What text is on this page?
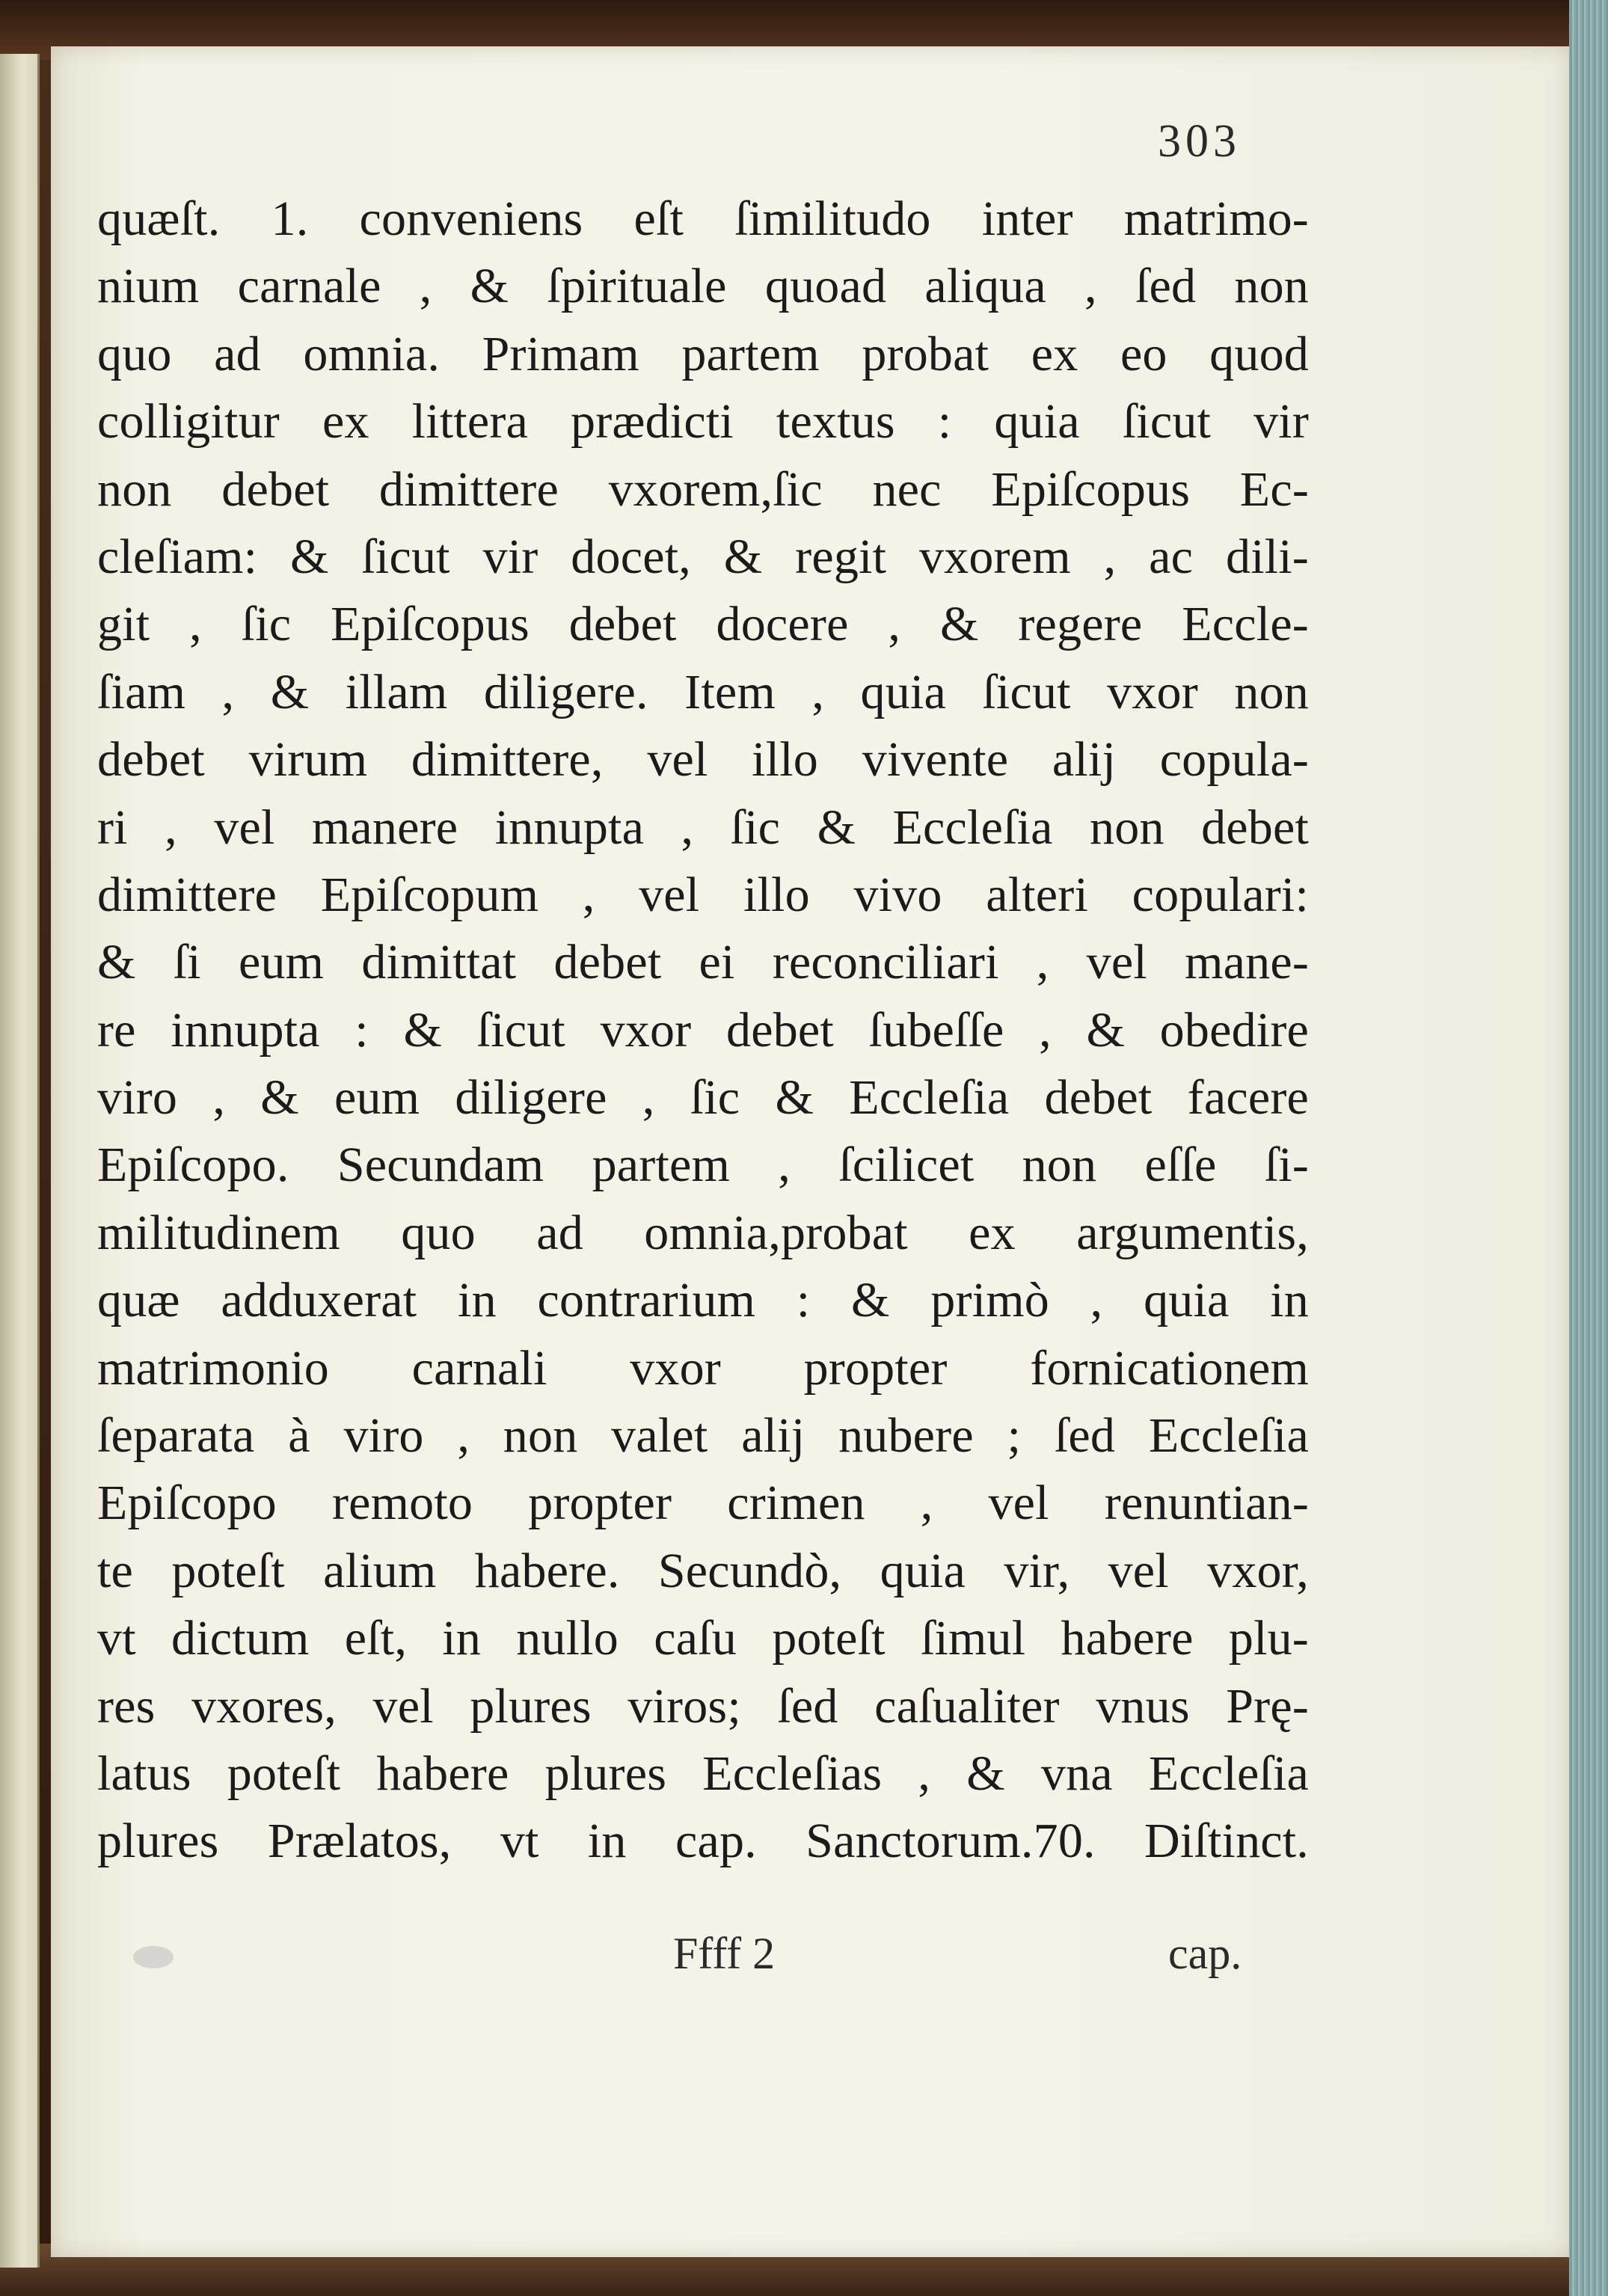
303
quæſt. 1. conveniens eſt ſimilitudo inter matrimo-
nium carnale , & ſpirituale quoad aliqua , ſed non
quo ad omnia. Primam partem probat ex eo quod
colligitur ex littera prædicti textus : quia ſicut vir
non debet dimittere vxorem,ſic nec Epiſcopus Ec-
cleſiam: & ſicut vir docet, & regit vxorem , ac dili-
git , ſic Epiſcopus debet docere , & regere Eccle-
ſiam , & illam diligere. Item , quia ſicut vxor non
debet virum dimittere, vel illo vivente alij copula-
ri , vel manere innupta , ſic & Eccleſia non debet
dimittere Epiſcopum , vel illo vivo alteri copulari:
& ſi eum dimittat debet ei reconciliari , vel mane-
re innupta : & ſicut vxor debet ſubeſſe , & obedire
viro , & eum diligere , ſic & Eccleſia debet facere
Epiſcopo. Secundam partem , ſcilicet non eſſe ſi-
militudinem quo ad omnia,probat ex argumentis,
quæ adduxerat in contrarium : & primò , quia in
matrimonio carnali vxor propter fornicationem
ſeparata à viro , non valet alij nubere ; ſed Eccleſia
Epiſcopo remoto propter crimen , vel renuntian-
te poteſt alium habere. Secundò, quia vir, vel vxor,
vt dictum eſt, in nullo caſu poteſt ſimul habere plu-
res vxores, vel plures viros; ſed caſualiter vnus Prę-
latus poteſt habere plures Eccleſias , & vna Eccleſia
plures Prælatos, vt in cap. Sanctorum.70. Diſtinct.
Ffff 2	cap.
